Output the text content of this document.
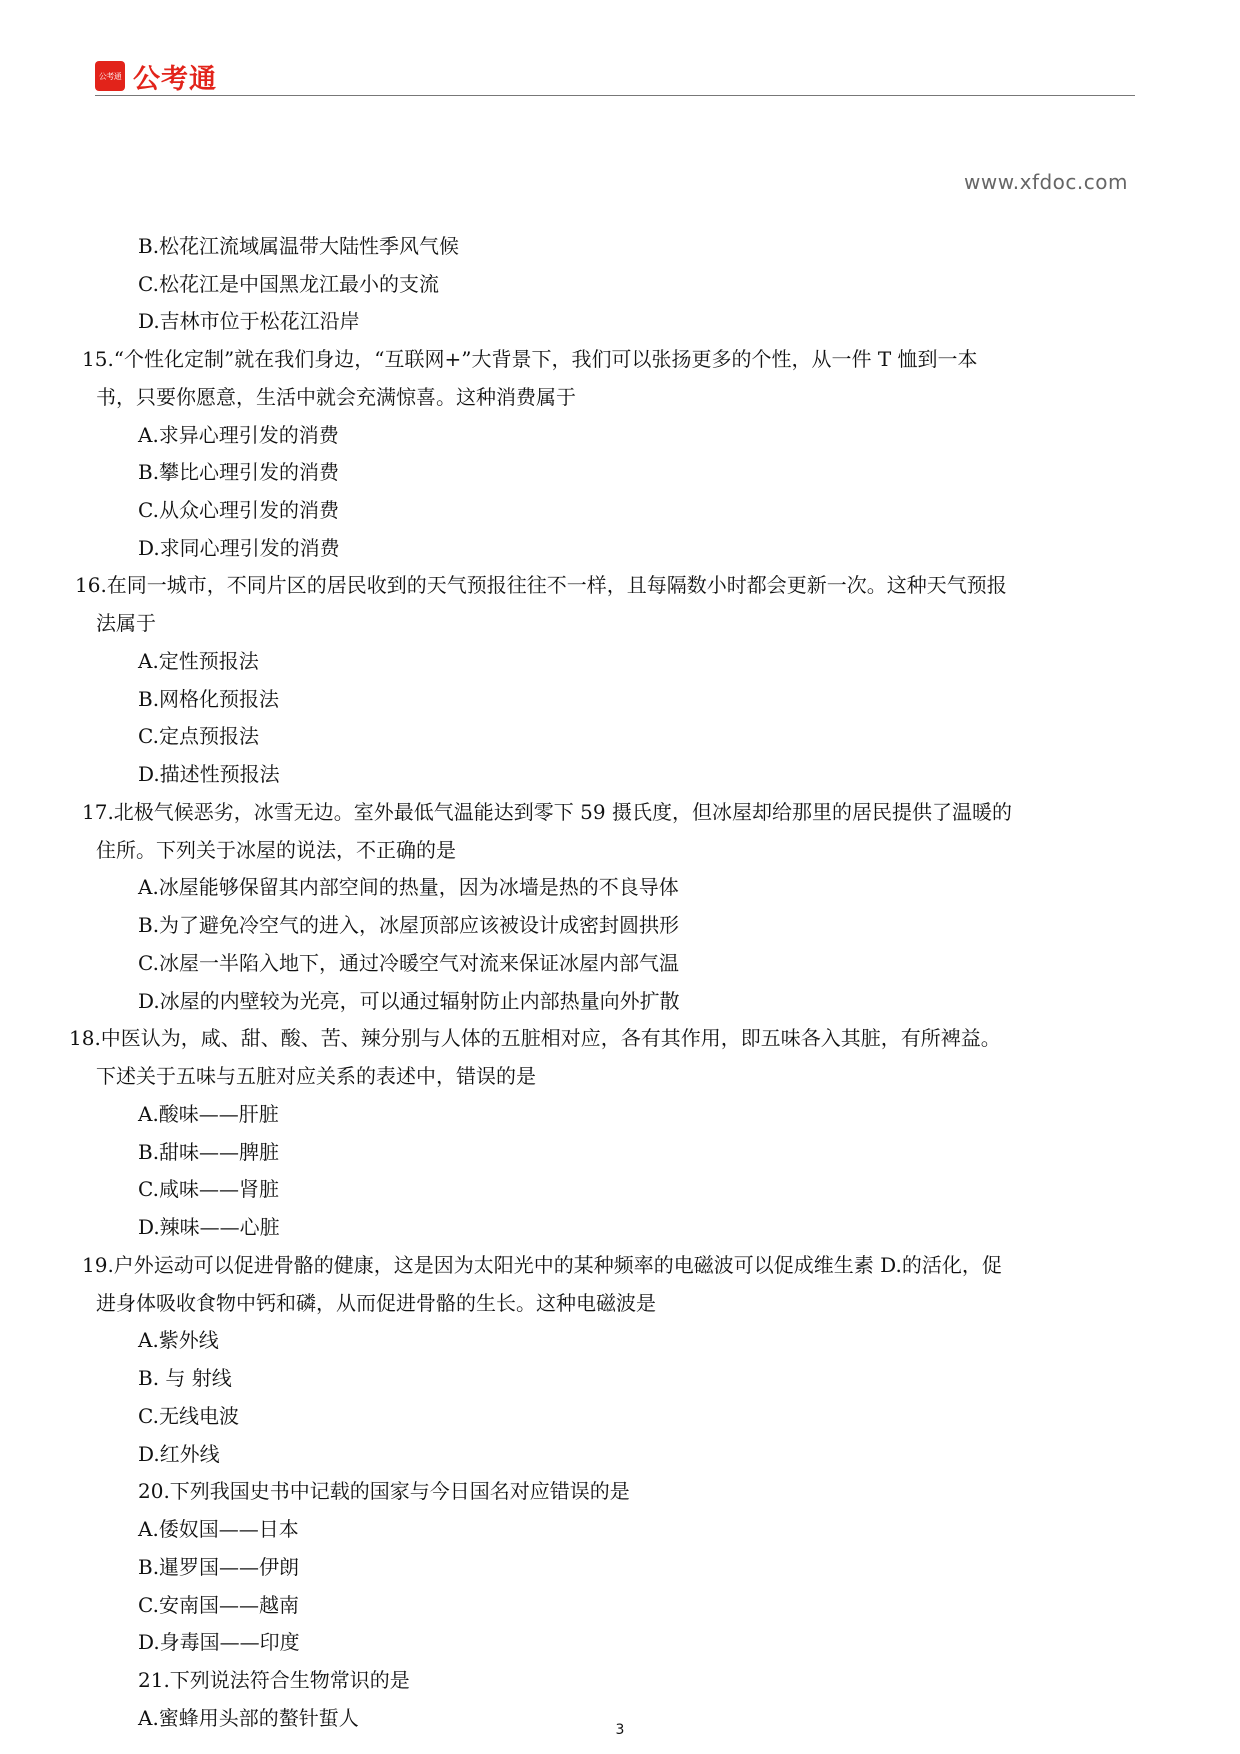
公考通 公考通
www.xfdoc.com
B.松花江流域属温带大陆性季风气候
C.松花江是中国黑龙江最小的支流
D.吉林市位于松花江沿岸
15.“个性化定制”就在我们身边，“互联网+”大背景下，我们可以张扬更多的个性，从一件 T 恤到一本
书，只要你愿意，生活中就会充满惊喜。这种消费属于
A.求异心理引发的消费
B.攀比心理引发的消费
C.从众心理引发的消费
D.求同心理引发的消费
16.在同一城市，不同片区的居民收到的天气预报往往不一样，且每隔数小时都会更新一次。这种天气预报
法属于
A.定性预报法
B.网格化预报法
C.定点预报法
D.描述性预报法
17.北极气候恶劣，冰雪无边。室外最低气温能达到零下 59 摄氏度，但冰屋却给那里的居民提供了温暖的
住所。下列关于冰屋的说法，不正确的是
A.冰屋能够保留其内部空间的热量，因为冰墙是热的不良导体
B.为了避免冷空气的进入，冰屋顶部应该被设计成密封圆拱形
C.冰屋一半陷入地下，通过冷暖空气对流来保证冰屋内部气温
D.冰屋的内壁较为光亮，可以通过辐射防止内部热量向外扩散
18.中医认为，咸、甜、酸、苦、辣分别与人体的五脏相对应，各有其作用，即五味各入其脏，有所裨益。
下述关于五味与五脏对应关系的表述中，错误的是
A.酸味——肝脏
B.甜味——脾脏
C.咸味——肾脏
D.辣味——心脏
19.户外运动可以促进骨骼的健康，这是因为太阳光中的某种频率的电磁波可以促成维生素 D.的活化，促
进身体吸收食物中钙和磷，从而促进骨骼的生长。这种电磁波是
A.紫外线
B. 与 射线
C.无线电波
D.红外线
20.下列我国史书中记载的国家与今日国名对应错误的是
A.倭奴国——日本
B.暹罗国——伊朗
C.安南国——越南
D.身毒国——印度
21.下列说法符合生物常识的是
A.蜜蜂用头部的螯针蜇人	3
